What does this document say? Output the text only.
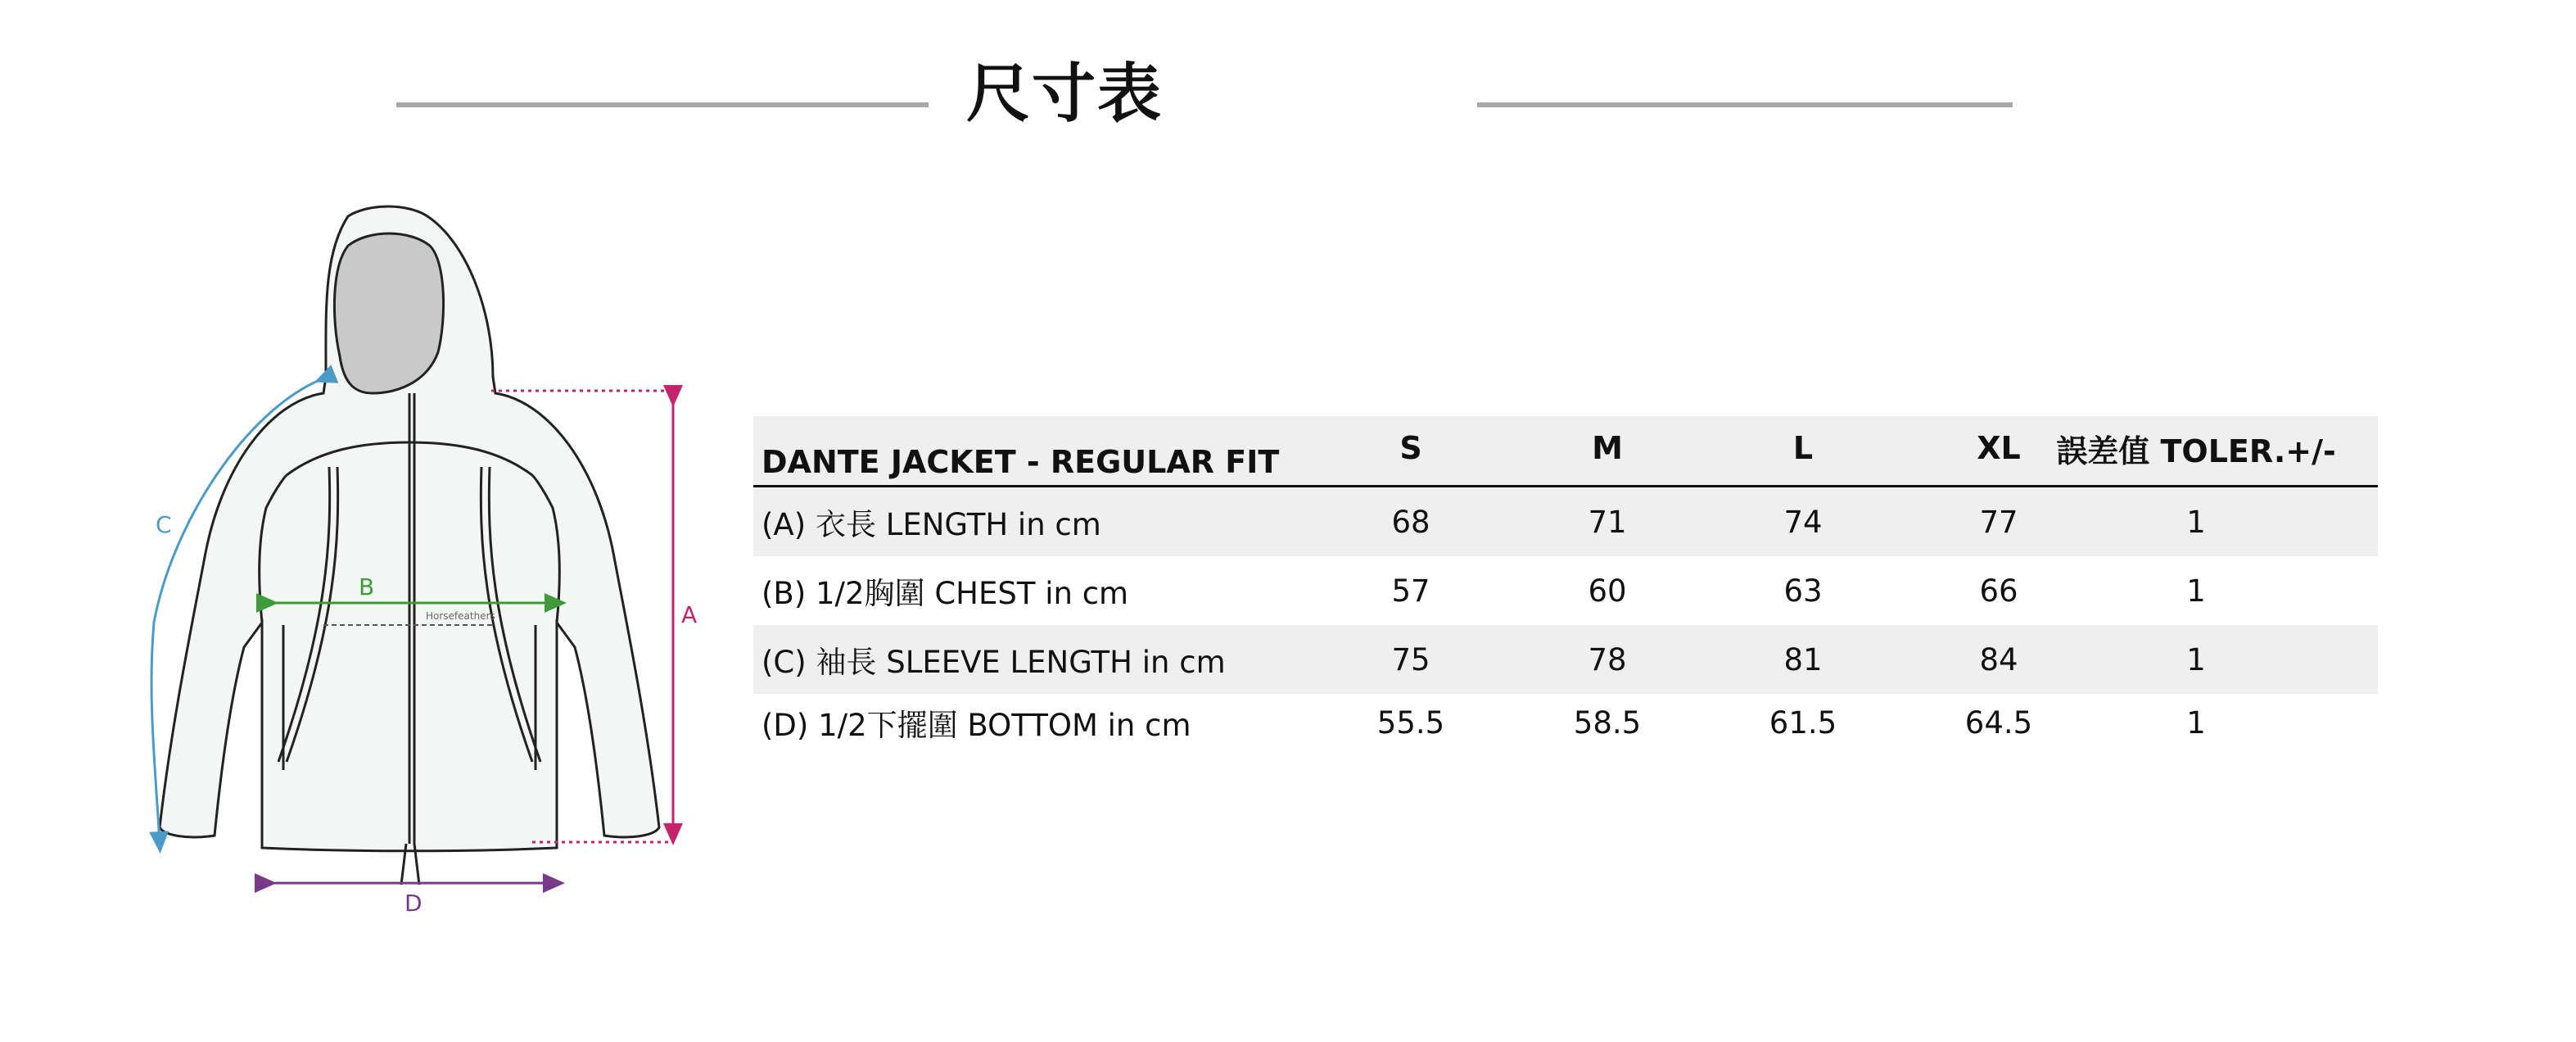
尺寸表
Horsefeathers	A
B
C
D
DANTE JACKET - REGULAR FIT	S	M	L	XL	誤差值 TOLER.+/-
(A) 衣長 LENGTH in cm	68	71	74	77	1
(B) 1/2胸圍 CHEST in cm	57	60	63	66	1
(C) 袖長 SLEEVE LENGTH in cm	75	78	81	84	1
(D) 1/2下擺圍 BOTTOM in cm	55.5	58.5	61.5	64.5	1
